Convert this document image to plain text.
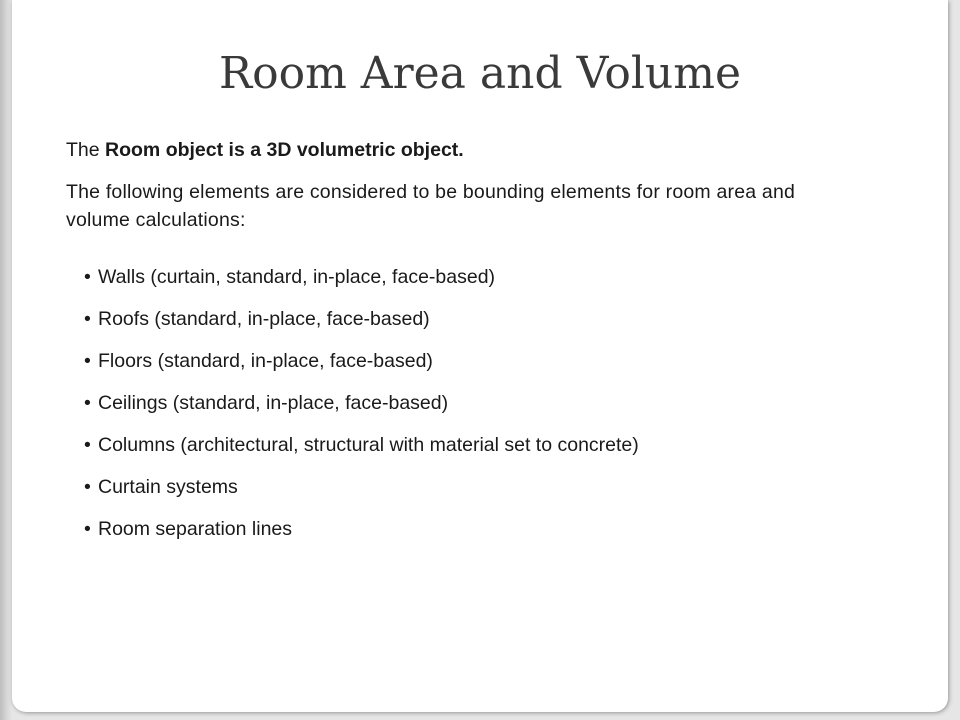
Room Area and Volume

The Room object is a 3D volumetric object.

The following elements are considered to be bounding elements for room area and volume calculations:

• Walls (curtain, standard, in-place, face-based)
• Roofs (standard, in-place, face-based)
• Floors (standard, in-place, face-based)
• Ceilings (standard, in-place, face-based)
• Columns (architectural, structural with material set to concrete)
• Curtain systems
• Room separation lines
